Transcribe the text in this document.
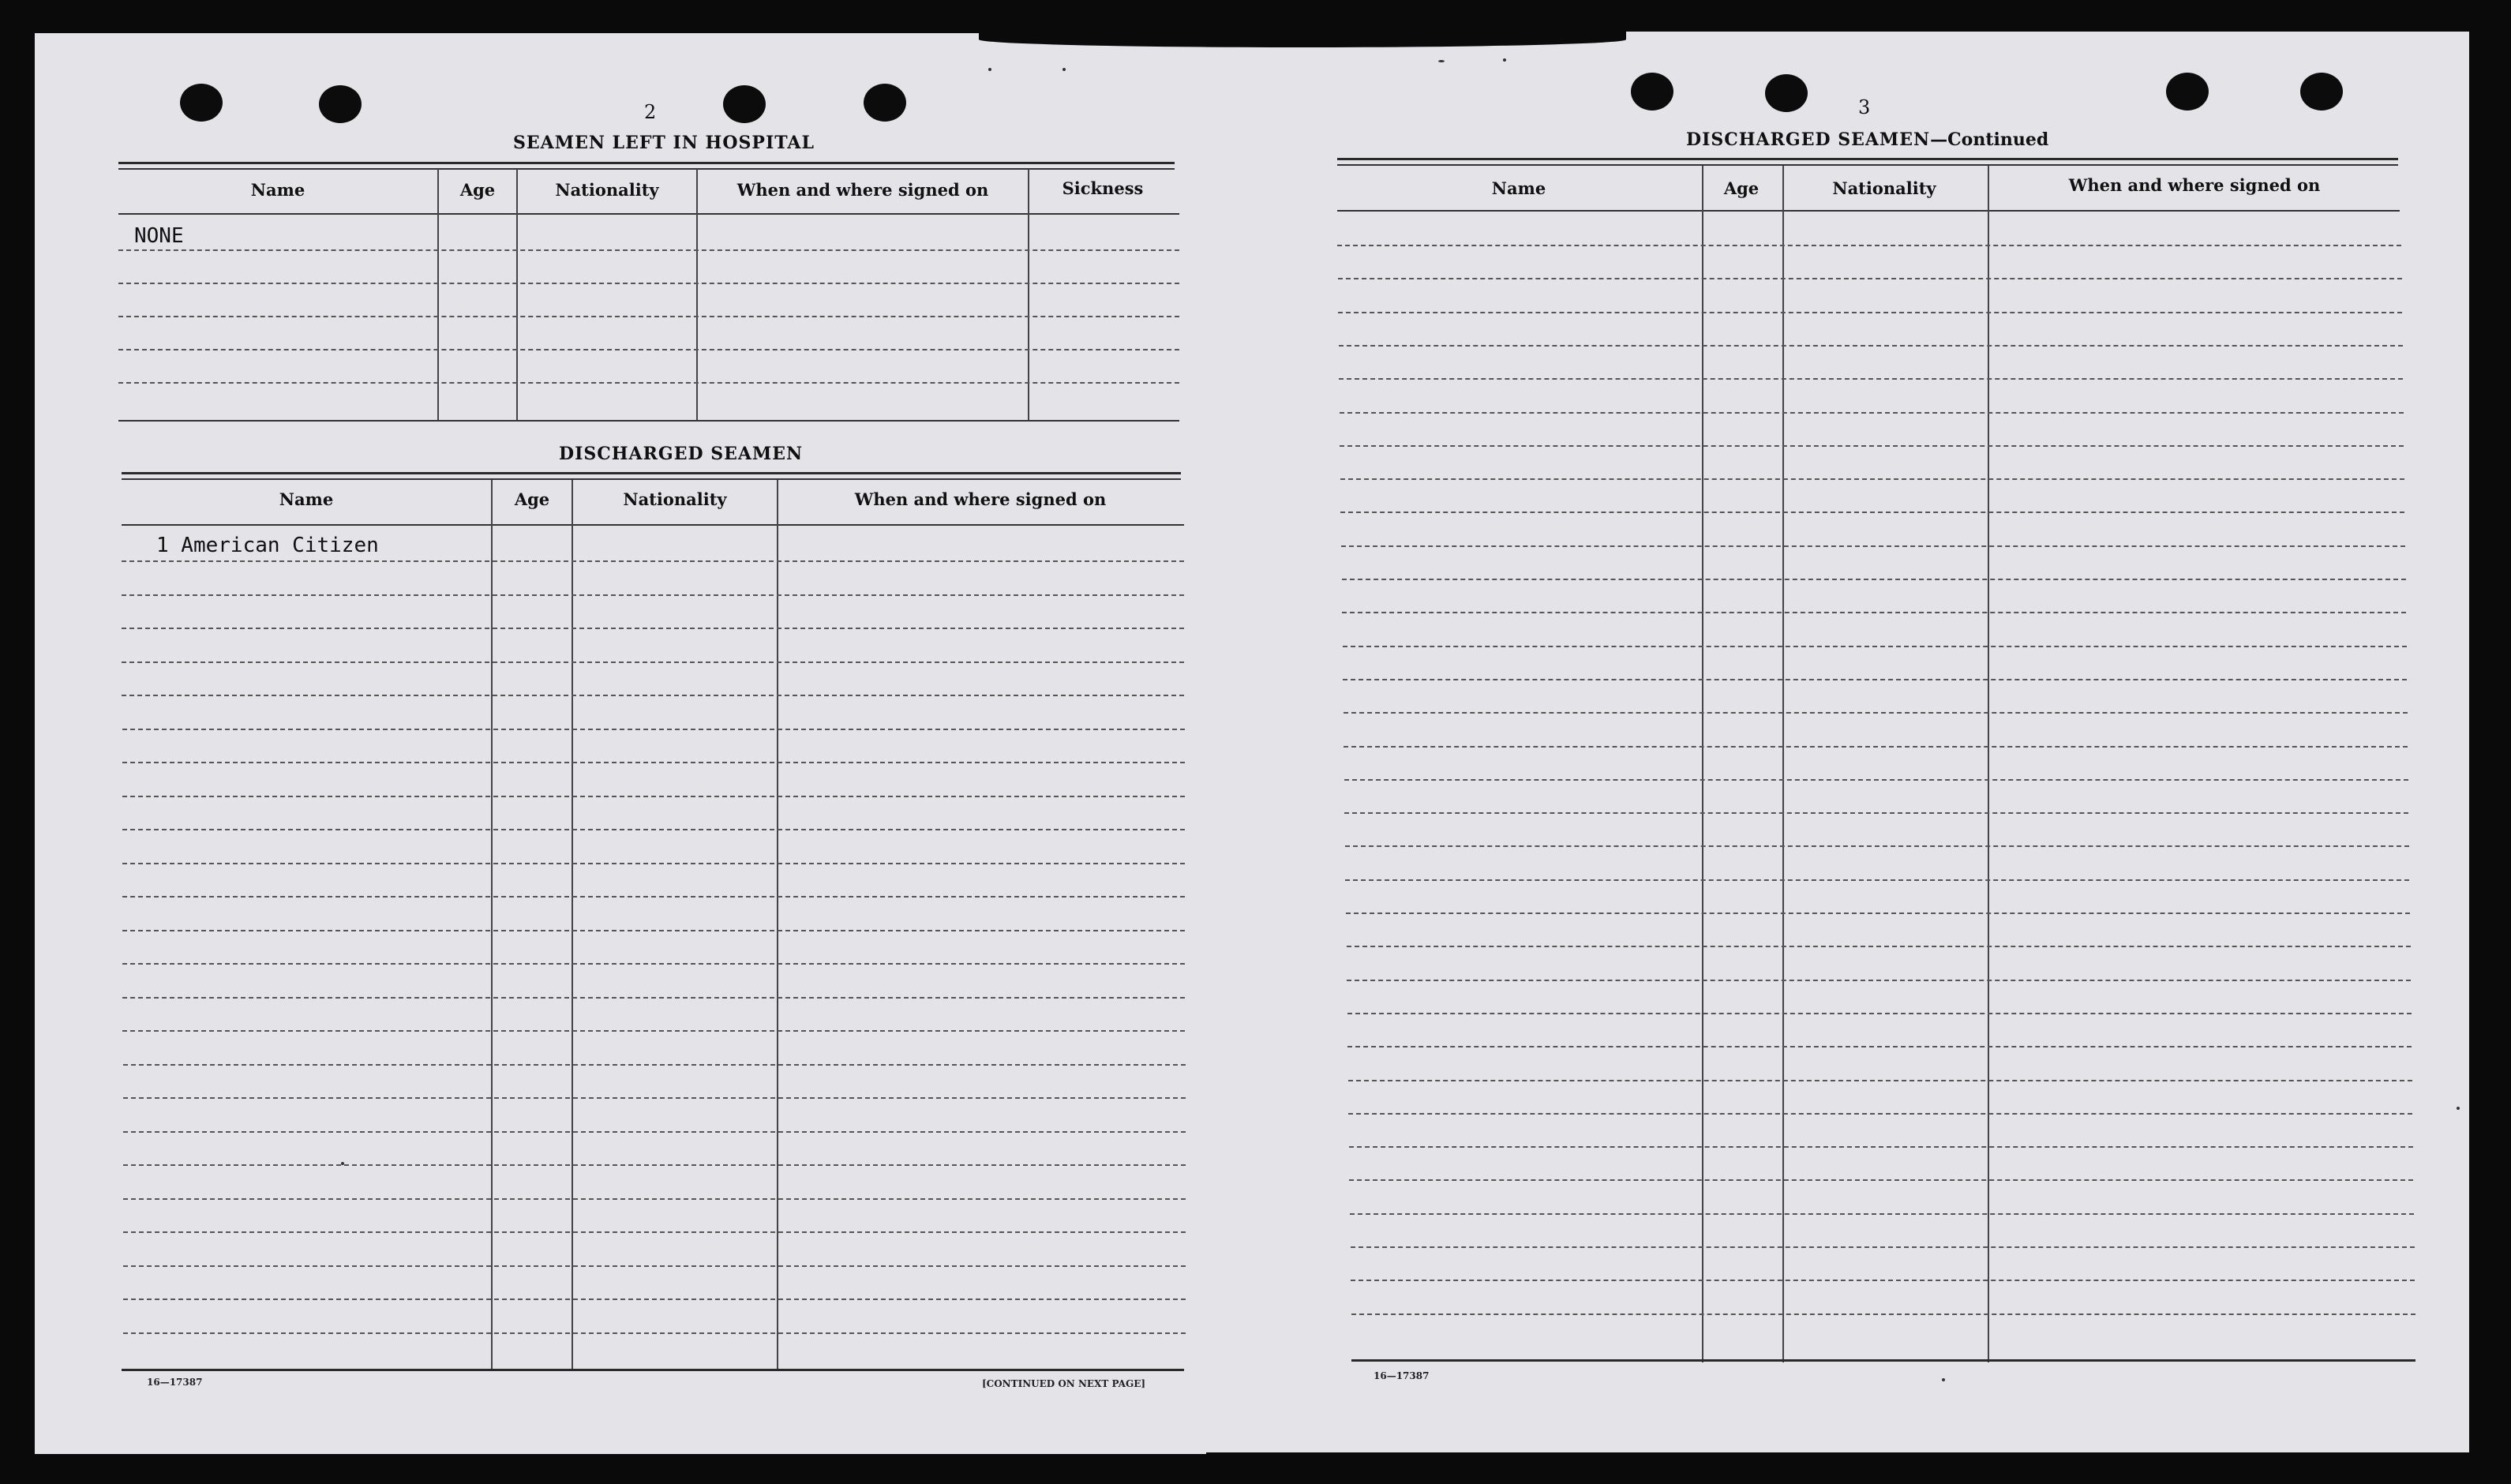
2
SEAMEN LEFT IN HOSPITAL
Name	Age	Nationality	When and where signed on	Sickness
NONE
DISCHARGED SEAMEN
Name	Age	Nationality	When and where signed on
1 American Citizen
16—17387	[CONTINUED ON NEXT PAGE]
3
DISCHARGED SEAMEN—Continued
Name	Age	Nationality	When and where signed on
16—17387
